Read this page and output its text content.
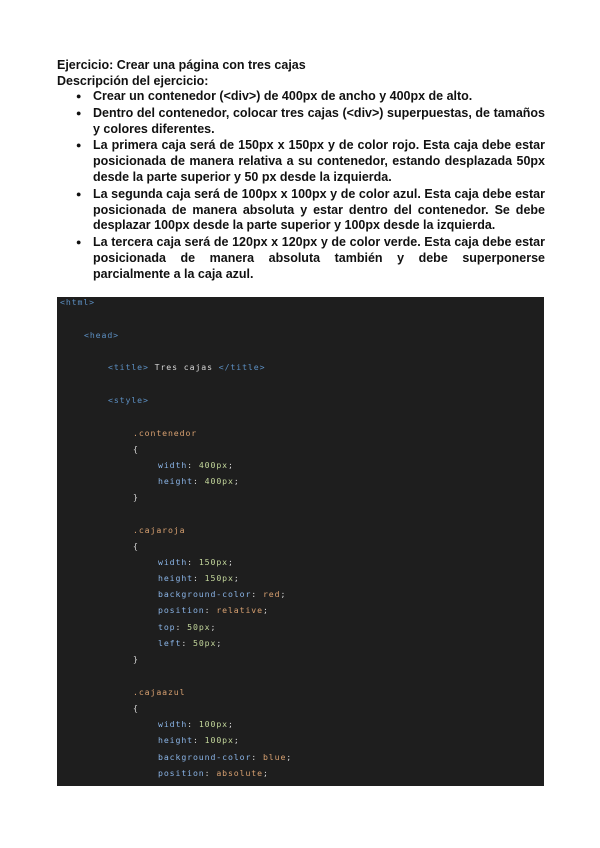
Ejercicio: Crear una página con tres cajas
Descripción del ejercicio:
● Crear un contenedor (<div>) de 400px de ancho y 400px de alto.
● Dentro del contenedor, colocar tres cajas (<div>) superpuestas, de tamaños y colores diferentes.
● La primera caja será de 150px x 150px y de color rojo. Esta caja debe estar posicionada de manera relativa a su contenedor, estando desplazada 50px desde la parte superior y 50 px desde la izquierda.
● La segunda caja será de 100px x 100px y de color azul. Esta caja debe estar posicionada de manera absoluta y estar dentro del contenedor. Se debe desplazar 100px desde la parte superior y 100px desde la izquierda.
● La tercera caja será de 120px x 120px y de color verde. Esta caja debe estar posicionada de manera absoluta también y debe superponerse parcialmente a la caja azul.
<html>
<head>
<title> Tres cajas </title>
<style>
.contenedor
{
width: 400px;
height: 400px;
}
.cajaroja
{
width: 150px;
height: 150px;
background-color: red;
position: relative;
top: 50px;
left: 50px;
}
.cajaazul
{
width: 100px;
height: 100px;
background-color: blue;
position: absolute;
